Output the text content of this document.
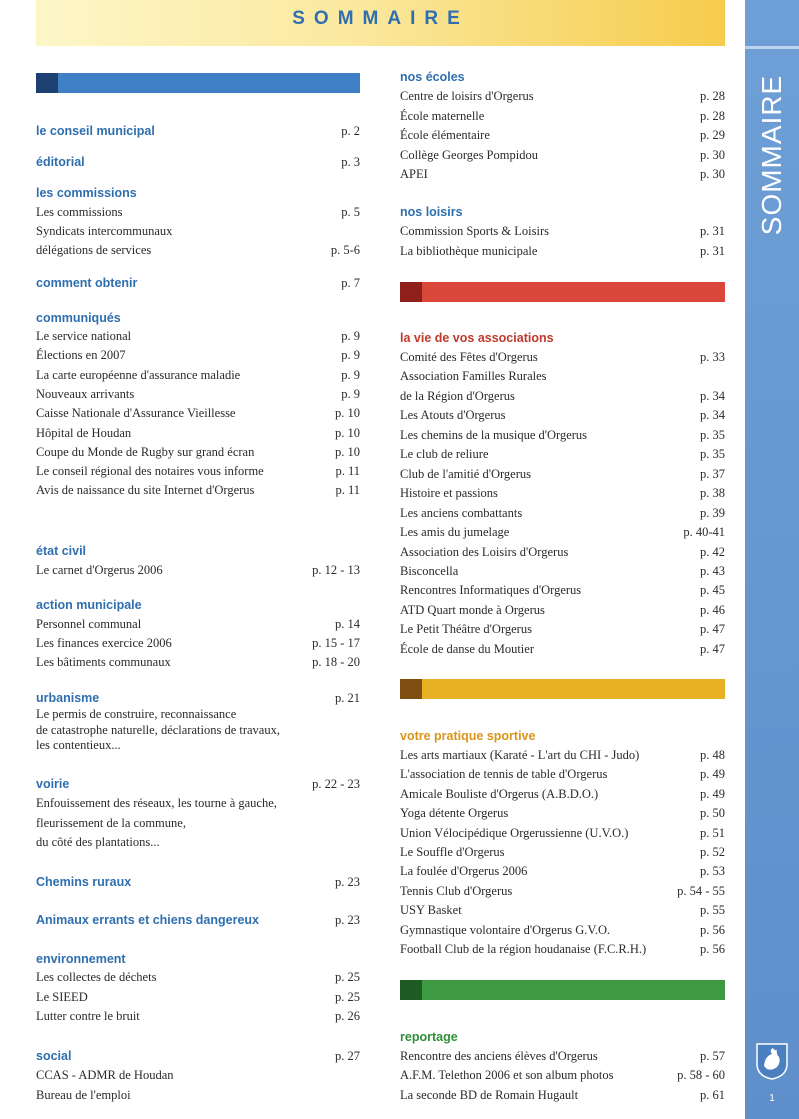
SOMMAIRE
SOMMAIRE
1
le conseil municipal	p. 2
éditorial	p. 3
les commissions
comment obtenir	p. 7
communiqués
état civil
action municipale
urbanisme	p. 21
voirie	p. 22 - 23
Chemins ruraux	p. 23
Animaux errants et chiens dangereux	p. 23
environnement
social	p. 27
Les commissions	p. 5
Syndicats intercommunaux
délégations de services	p. 5-6
Le service national	p. 9
Élections en 2007	p. 9
La carte européenne d'assurance maladie	p. 9
Nouveaux arrivants	p. 9
Caisse Nationale d'Assurance Vieillesse	p. 10
Hôpital de Houdan	p. 10
Coupe du Monde de Rugby sur grand écran	p. 10
Le conseil régional des notaires vous informe	p. 11
Avis de naissance du site Internet d'Orgerus	p. 11
Le carnet d'Orgerus 2006	p. 12 - 13
Personnel communal	p. 14
Les finances exercice 2006	p. 15 - 17
Les bâtiments communaux	p. 18 - 20
Les collectes de déchets	p. 25
Le SIEED	p. 25
Lutter contre le bruit	p. 26
CCAS - ADMR de Houdan
Bureau de l'emploi
Le permis de construire, reconnaissance
de catastrophe naturelle, déclarations de travaux,
les contentieux...
Enfouissement des réseaux, les tourne à gauche,
fleurissement de la commune,
du côté des plantations...
nos écoles
nos loisirs
la vie de vos associations
votre pratique sportive
reportage
Centre de loisirs d'Orgerus	p. 28
École maternelle	p. 28
École élémentaire	p. 29
Collège Georges Pompidou	p. 30
APEI	p. 30
Commission Sports & Loisirs	p. 31
La bibliothèque municipale	p. 31
Comité des Fêtes d'Orgerus	p. 33
Association Familles Rurales
de la Région d'Orgerus	p. 34
Les Atouts d'Orgerus	p. 34
Les chemins de la musique d'Orgerus	p. 35
Le club de reliure	p. 35
Club de l'amitié d'Orgerus	p. 37
Histoire et passions	p. 38
Les anciens combattants	p. 39
Les amis du jumelage	p. 40-41
Association des Loisirs d'Orgerus	p. 42
Bisconcella	p. 43
Rencontres Informatiques d'Orgerus	p. 45
ATD Quart monde à Orgerus	p. 46
Le Petit Théâtre d'Orgerus	p. 47
École de danse du Moutier	p. 47
Les arts martiaux (Karaté - L'art du CHI - Judo)	p. 48
L'association de tennis de table d'Orgerus	p. 49
Amicale Bouliste d'Orgerus (A.B.D.O.)	p. 49
Yoga détente Orgerus	p. 50
Union Vélocipédique Orgerussienne (U.V.O.)	p. 51
Le Souffle d'Orgerus	p. 52
La foulée d'Orgerus 2006	p. 53
Tennis Club d'Orgerus	p. 54 - 55
USY Basket	p. 55
Gymnastique volontaire d'Orgerus G.V.O.	p. 56
Football Club de la région houdanaise (F.C.R.H.)	p. 56
Rencontre des anciens élèves d'Orgerus	p. 57
A.F.M. Telethon 2006 et son album photos	p. 58 - 60
La seconde BD de Romain Hugault	p. 61
